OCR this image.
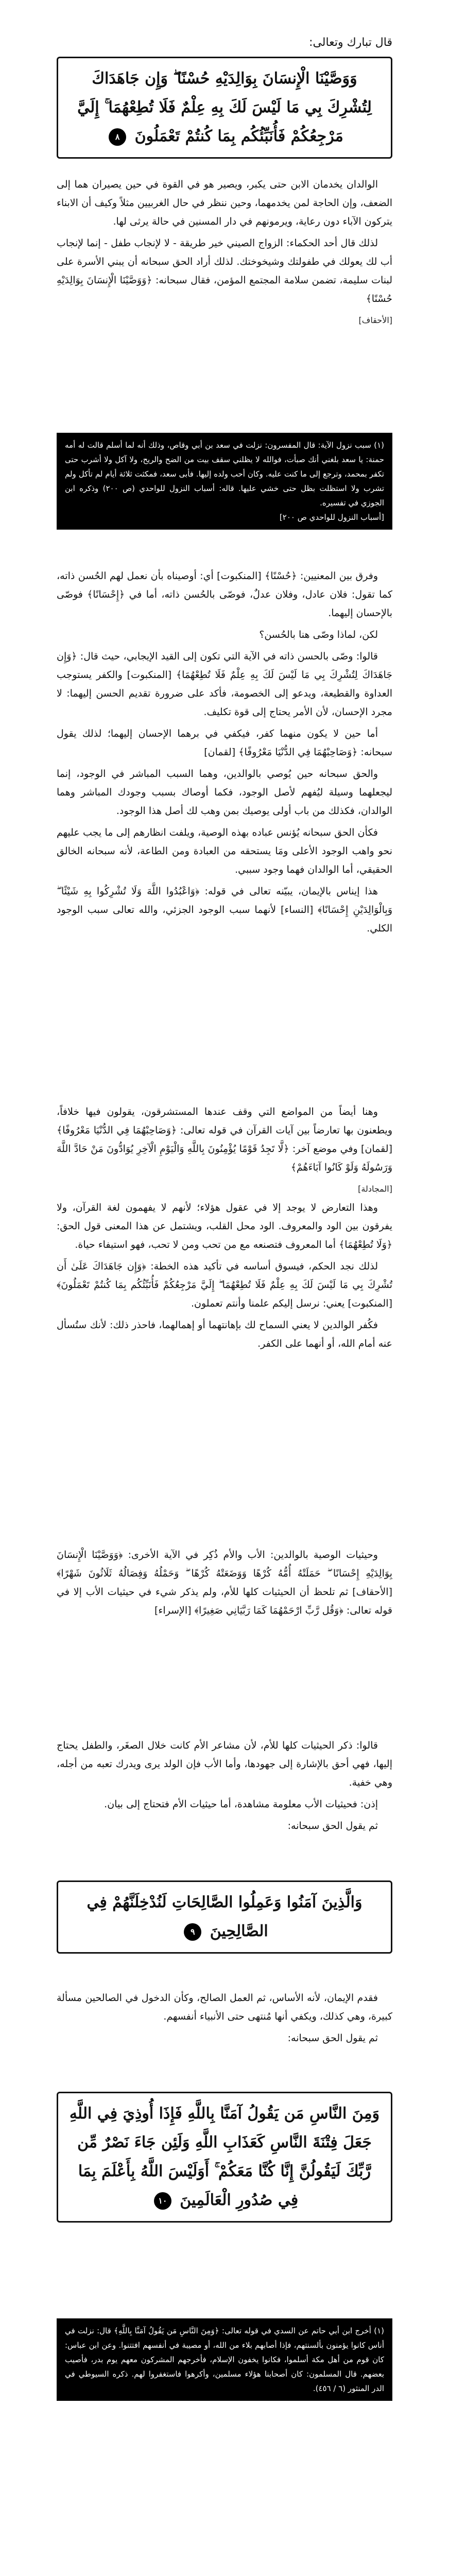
قال تبارك وتعالى:
وَوَصَّيْنَا الْإِنسَانَ بِوَالِدَيْهِ حُسْنًا ۖ وَإِن جَاهَدَاكَ لِتُشْرِكَ بِي مَا لَيْسَ لَكَ بِهِ عِلْمٌ فَلَا تُطِعْهُمَا ۚ إِلَيَّ مَرْجِعُكُمْ فَأُنَبِّئُكُم بِمَا كُنتُمْ تَعْمَلُونَ ٨

الوالدان يخدمان الابن حتى يكبر، ويصير هو في القوة في حين يصيران هما إلى الضعف، وإن الحاجة لمن يخدمهما، وحين ننظر في حال الغربيين مثلاً وكيف أن الابناء يتركون الآباء دون رعاية، ويرمونهم في دار المسنين في حالة يرثى لها.

لذلك قال أحد الحكماء: الزواج الصيني خير طريقة - لا لإنجاب طفل - إنما لإنجاب أب لك يعولك في طفولتك وشيخوختك. لذلك أراد الحق سبحانه أن يبني الأسرة على لبنات سليمة، تضمن سلامة المجتمع المؤمن، فقال سبحانه: ﴿وَوَصَّيْنَا الْإِنسَانَ بِوَالِدَيْهِ حُسْنًا﴾

[الأحقاف]
(١) سبب نزول الآية: قال المفسرون: نزلت في سعد بن أبي وقاص، وذلك أنه لما أسلم قالت له أمه حمنة: يا سعد بلغني أنك صبأت، فوالله لا يظلني سقف بيت من الضح والريح، ولا آكل ولا أشرب حتى تكفر بمحمد، وترجع إلى ما كنت عليه. وكان أحب ولده إليها. فأبى سعد، فمكثت ثلاثة أيام لم تأكل ولم تشرب ولا استظلت بظل حتى خشي عليها. قاله: أسباب النزول للواحدي (ص ٢٠٠) وذكره ابن الجوزي في تفسيره.
[أسباب النزول للواحدي ص ٢٠٠]

وفرق بين المعنيين: ﴿حُسْنًا﴾ [المنكبوت] أي: أوصيناه بأن نعمل لهم الحُسن ذاته، كما تقول: فلان عادل، وفلان عدلٌ، فوصّى بالحُسن ذاته، أما في ﴿إِحْسَانًا﴾ فوصّى بالإحسان إليهما.

لكن، لماذا وصّى هنا بالحُسن؟

قالوا: وصّى بالحسن ذاته في الآية التي تكون إلى القيد الإيجابي، حيث قال: ﴿وَإِن جَاهَدَاكَ لِتُشْرِكَ بِي مَا لَيْسَ لَكَ بِهِ عِلْمٌ فَلَا تُطِعْهُمَا﴾ [المنكبوت] والكفر يستوجب العداوة والقطيعة، ويدعو إلى الخصومة، فأكد على ضرورة تقديم الحسن إليهما: لا مجرد الإحسان، لأن الأمر يحتاج إلى قوة تكليف.

أما حين لا يكون منهما كفر، فيكفي في برهما الإحسان إليهما؛ لذلك يقول سبحانه: ﴿وَصَاحِبْهُمَا فِي الدُّنْيَا مَعْرُوفًا﴾ [لقمان]

والحق سبحانه حين يُوصي بالوالدين، وهما السبب المباشر في الوجود، إنما ليجعلهما وسيلة ليُفهم لأصل الوجود، فكما أوصاك بسبب وجودك المباشر وهما الوالدان، فكذلك من باب أولى يوصيك بمن وهب لك أصل هذا الوجود.

فكأن الحق سبحانه يُؤنس عباده بهذه الوصية، ويلفت انظارهم إلى ما يجب عليهم نحو واهب الوجود الأعلى ومَا يستحقه من العبادة ومن الطاعة، لأنه سبحانه الخالق الحقيقي، أما الوالدان فهما وجود سببي.

هذا إيناس بالإيمان، يبيّنه تعالى في قوله: ﴿وَاعْبُدُوا اللَّهَ وَلَا تُشْرِكُوا بِهِ شَيْئًا ۖ وَبِالْوَالِدَيْنِ إِحْسَانًا﴾ [النساء] لأنهما سبب الوجود الجزئي، والله تعالى سبب الوجود الكلي.

وهنا أيضاً من المواضع التي وقف عندها المستشرقون، يقولون فيها خلافاً، ويطعنون بها تعارضاً بين آيات القرآن في قوله تعالى: ﴿وَصَاحِبْهُمَا فِي الدُّنْيَا مَعْرُوفًا﴾ [لقمان] وفي موضع آخر: ﴿لَّا تَجِدُ قَوْمًا يُؤْمِنُونَ بِاللَّهِ وَالْيَوْمِ الْآخِرِ يُوَادُّونَ مَنْ حَادَّ اللَّهَ وَرَسُولَهُ وَلَوْ كَانُوا آبَاءَهُمْ﴾

[المجادلة]

وهذا التعارض لا يوجد إلا في عقول هؤلاء؛ لأنهم لا يفهمون لغة القرآن، ولا يفرقون بين الود والمعروف. الود محل القلب، ويشتمل عن هذا المعنى قول الحق: ﴿وَلَا تُطِعْهُمَا﴾ أما المعروف فتصنعه مع من تحب ومن لا تحب، فهو استيفاء حياة.

لذلك نجد الحكم، فيسوق أساسه في تأكيد هذه الخطة: ﴿وَإِن جَاهَدَاكَ عَلَىٰ أَن تُشْرِكَ بِي مَا لَيْسَ لَكَ بِهِ عِلْمٌ فَلَا تُطِعْهُمَا ۖ إِلَيَّ مَرْجِعُكُمْ فَأُنَبِّئُكُم بِمَا كُنتُمْ تَعْمَلُونَ﴾ [المنكبوت] يعني: نرسل إليكم علمنا وأنتم تعملون.

فكُفر الوالدين لا يعني السماح لك بإهانتهما أو إهمالهما، فاحذر ذلك: لأنك ستُسأل عنه أمام الله، أو أنهما على الكفر.

وحيثيات الوصية بالوالدين: الأب والأم ذُكِر في الآية الأخرى: ﴿وَوَصَّيْنَا الْإِنسَانَ بِوَالِدَيْهِ إِحْسَانًا ۖ حَمَلَتْهُ أُمُّهُ كُرْهًا وَوَضَعَتْهُ كُرْهًا ۖ وَحَمْلُهُ وَفِصَالُهُ ثَلَاثُونَ شَهْرًا﴾ [الأحقاف] ثم تلحظ أن الحيثيات كلها للأم، ولم يذكر شيء في حيثيات الأب إلا في قوله تعالى: ﴿وَقُل رَّبِّ ارْحَمْهُمَا كَمَا رَبَّيَانِي صَغِيرًا﴾ [الإسراء]

قالوا: ذكر الحيثيات كلها للأم، لأن مشاعر الأم كانت خلال الصغَر، والطفل يحتاج إليها، فهي أحق بالإشارة إلى جهودها، وأما الأب فإن الولد يرى ويدرك تعبه من أجله، وهي خفية.

إذن: فحيثيات الأب معلومة مشاهدة، أما حيثيات الأم فتحتاج إلى بيان.

ثم يقول الحق سبحانه:

وَالَّذِينَ آمَنُوا وَعَمِلُوا الصَّالِحَاتِ لَنُدْخِلَنَّهُمْ فِي الصَّالِحِينَ ٩

فقدم الإيمان، لأنه الأساس، ثم العمل الصالح، وكأن الدخول في الصالحين مسألة كبيرة، وهي كذلك، ويكفي أنها مُنتهى حتى الأنبياء أنفسهم.

ثم يقول الحق سبحانه:

وَمِنَ النَّاسِ مَن يَقُولُ آمَنَّا بِاللَّهِ فَإِذَا أُوذِيَ فِي اللَّهِ جَعَلَ فِتْنَةَ النَّاسِ كَعَذَابِ اللَّهِ وَلَئِن جَاءَ نَصْرٌ مِّن رَّبِّكَ لَيَقُولُنَّ إِنَّا كُنَّا مَعَكُمْ ۚ أَوَلَيْسَ اللَّهُ بِأَعْلَمَ بِمَا فِي صُدُورِ الْعَالَمِينَ ١٠
(١) أخرج ابن أبي حاتم عن السدي في قوله تعالى: ﴿وَمِنَ النَّاسِ مَن يَقُولُ آمَنَّا بِاللَّهِ﴾ قال: نزلت في أناس كانوا يؤمنون بألسنتهم، فإذا أصابهم بلاء من الله، أو مصيبة في أنفسهم افتتنوا. وعن ابن عباس: كان قوم من أهل مكة أسلموا، فكانوا يخفون الإسلام، فأخرجهم المشركون معهم يوم بدر، فأصيب بعضهم. قال المسلمون: كان أصحابنا هؤلاء مسلمين، وأكرهوا فاستغفروا لهم. ذكره السيوطي في الدر المنثور (٦ / ٤٥٦).
